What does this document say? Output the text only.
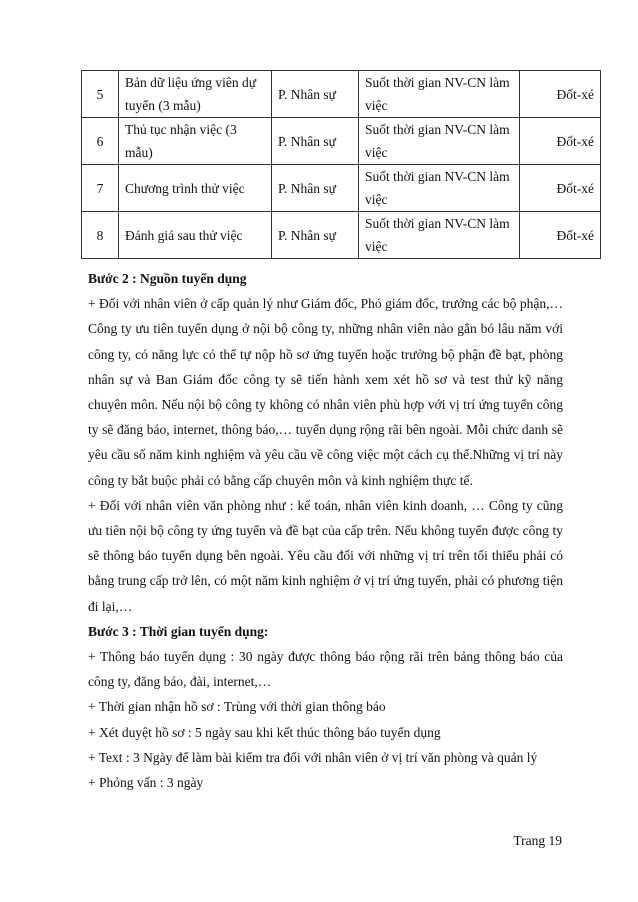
5	Bản dữ liệu ứng viên dự tuyển (3 mẫu)	P. Nhân sự	Suốt thời gian NV-CN làm việc	Đốt-xé
6	Thủ tục nhận việc (3 mẫu)	P. Nhân sự	Suốt thời gian NV-CN làm việc	Đốt-xé
7	Chương trình thử việc	P. Nhân sự	Suốt thời gian NV-CN làm việc	Đốt-xé
8	Đánh giá sau thử việc	P. Nhân sự	Suốt thời gian NV-CN làm việc	Đốt-xé

Bước 2 : Nguồn tuyển dụng

+ Đối với nhân viên ở cấp quản lý như Giám đốc, Phó giám đốc, trưởng các bộ phận,… Công ty ưu tiên tuyển dụng ở nội bộ công ty, những nhân viên nào gắn bó lâu năm với công ty, có năng lực có thể tự nộp hồ sơ ứng tuyển hoặc trưởng bộ phận đề bạt, phòng nhân sự và Ban Giám đốc công ty sẽ tiến hành xem xét hồ sơ và test thử kỹ năng chuyên môn. Nếu nội bộ công ty không có nhân viên phù hợp với vị trí ứng tuyển công ty sẽ đăng báo, internet, thông báo,… tuyển dụng rộng rãi bên ngoài. Mỗi chức danh sẽ yêu cầu số năm kinh nghiệm và yêu cầu về công việc một cách cụ thể.Những vị trí này công ty bắt buộc phải có bằng cấp chuyên môn và kinh nghiệm thực tế.

+ Đối với nhân viên văn phòng như : kế toán, nhân viên kinh doanh, … Công ty cũng ưu tiên nội bộ công ty ứng tuyển và đề bạt của cấp trên. Nếu không tuyển được công ty sẽ thông báo tuyển dụng bên ngoài. Yêu cầu đối với những vị trí trên tối thiểu phải có bằng trung cấp trở lên, có một năm kinh nghiệm ở vị trí ứng tuyển, phải có phương tiện đi lại,…

Bước 3 : Thời gian tuyển dụng:

+ Thông báo tuyển dụng : 30 ngày được thông báo rộng rãi trên bảng thông báo của công ty, đăng báo, đài, internet,…

+ Thời gian nhận hồ sơ : Trùng với thời gian thông báo

+ Xét duyệt hồ sơ : 5 ngày sau khi kết thúc thông báo tuyển dụng

+ Text : 3 Ngày để làm bài kiểm tra đối với nhân viên ở vị trí văn phòng và quản lý

+ Phỏng vấn : 3 ngày

Trang 19
